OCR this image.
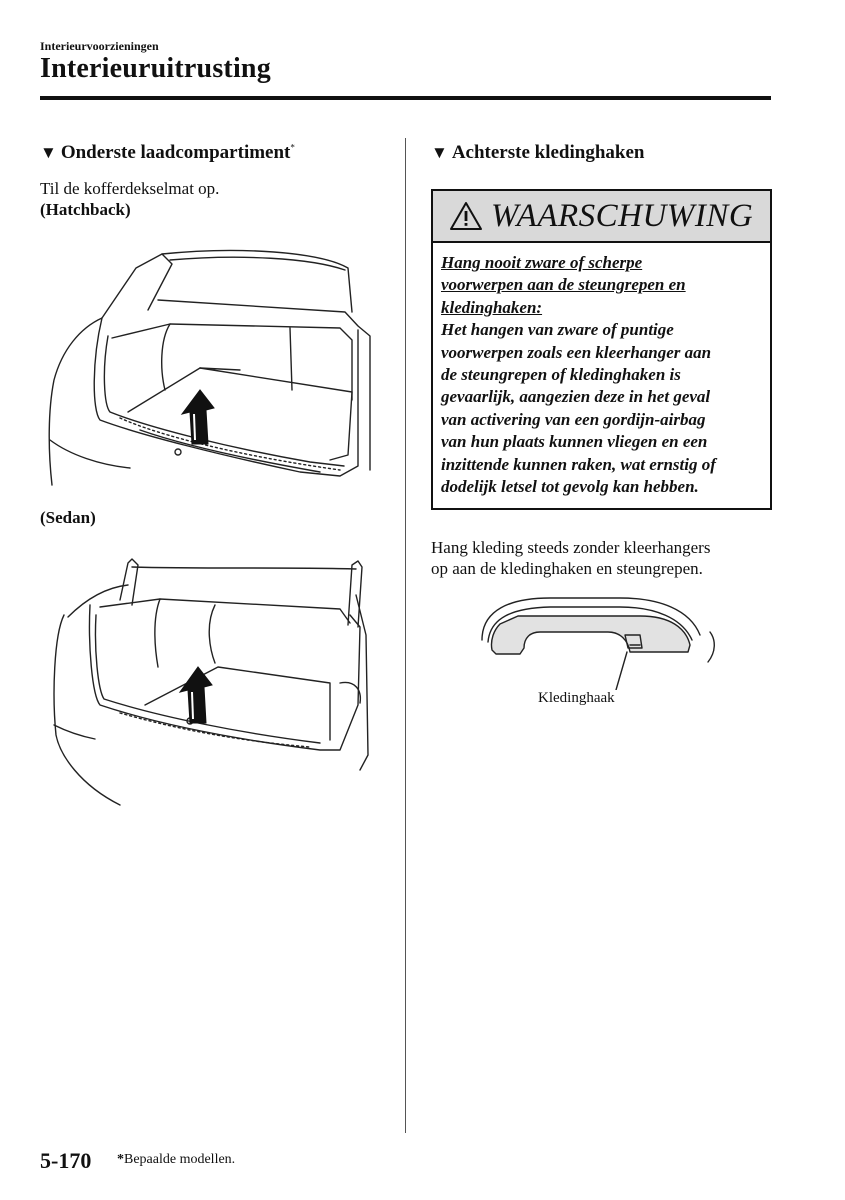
Interieurvoorzieningen
Interieuruitrusting
▼ Onderste laadcompartiment*
Til de kofferdekselmat op.
(Hatchback)
(Sedan)
▼ Achterste kledinghaken
WAARSCHUWING
Hang nooit zware of scherpe
voorwerpen aan de steungrepen en
kledinghaken:
Het hangen van zware of puntige
voorwerpen zoals een kleerhanger aan
de steungrepen of kledinghaken is
gevaarlijk, aangezien deze in het geval
van activering van een gordijn-airbag
van hun plaats kunnen vliegen en een
inzittende kunnen raken, wat ernstig of
dodelijk letsel tot gevolg kan hebben.
Hang kleding steeds zonder kleerhangers
op aan de kledinghaken en steungrepen.
Kledinghaak
5-170 *Bepaalde modellen.
